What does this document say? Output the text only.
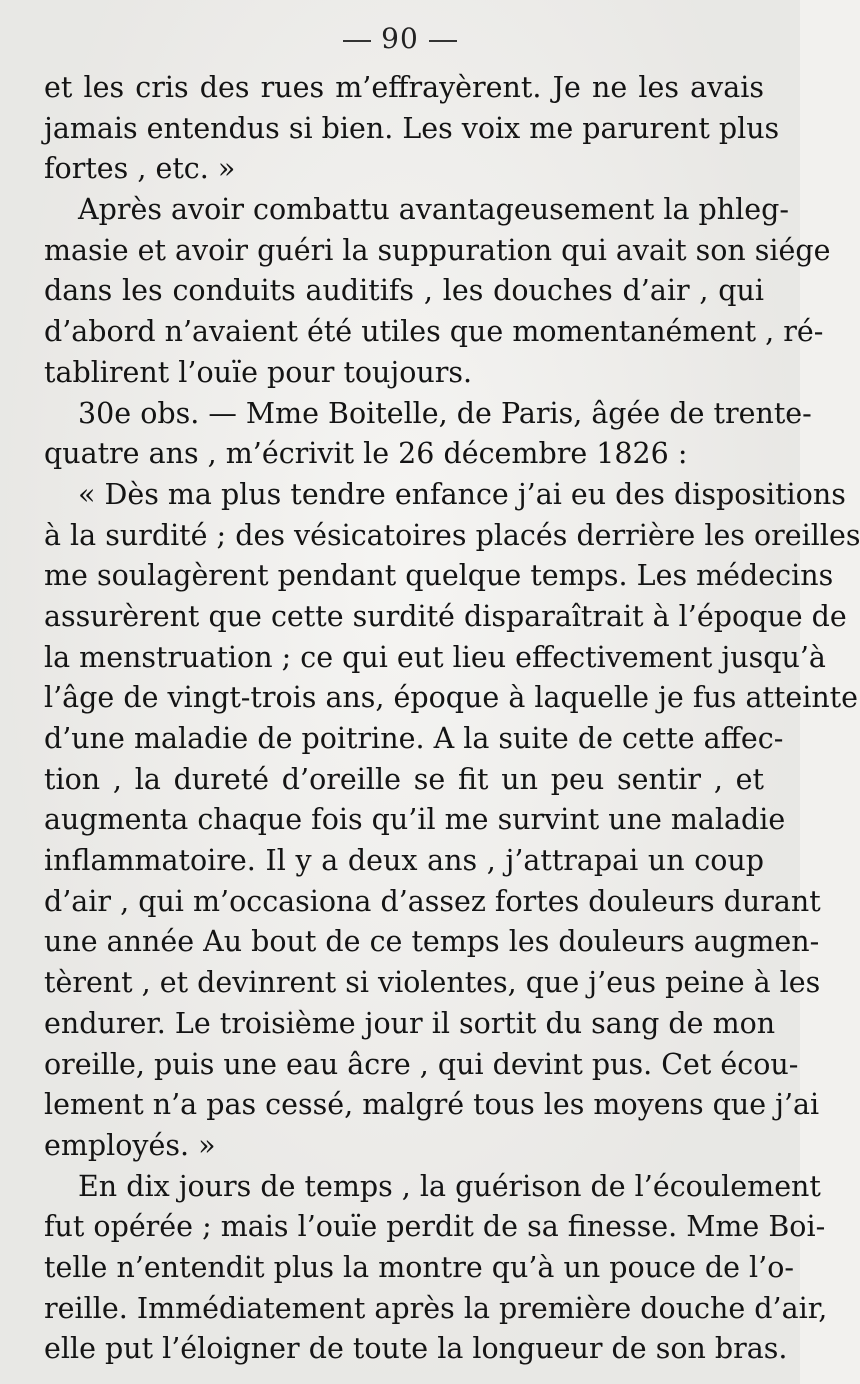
90
et les cris des rues m’effrayèrent. Je ne les avais
jamais entendus si bien. Les voix me parurent plus
fortes , etc. »
Après avoir combattu avantageusement la phleg-
masie et avoir guéri la suppuration qui avait son siége
dans les conduits auditifs , les douches d’air , qui
d’abord n’avaient été utiles que momentanément , ré-
tablirent l’ouïe pour toujours.
30e obs. — Mme Boitelle, de Paris, âgée de trente-
quatre ans , m’écrivit le 26 décembre 1826 :
« Dès ma plus tendre enfance j’ai eu des dispositions
à la surdité ; des vésicatoires placés derrière les oreilles
me soulagèrent pendant quelque temps. Les médecins
assurèrent que cette surdité disparaîtrait à l’époque de
la menstruation ; ce qui eut lieu effectivement jusqu’à
l’âge de vingt-trois ans, époque à laquelle je fus atteinte
d’une maladie de poitrine. A la suite de cette affec-
tion , la dureté d’oreille se fit un peu sentir , et
augmenta chaque fois qu’il me survint une maladie
inflammatoire. Il y a deux ans , j’attrapai un coup
d’air , qui m’occasiona d’assez fortes douleurs durant
une année Au bout de ce temps les douleurs augmen-
tèrent , et devinrent si violentes, que j’eus peine à les
endurer. Le troisième jour il sortit du sang de mon
oreille, puis une eau âcre , qui devint pus. Cet écou-
lement n’a pas cessé, malgré tous les moyens que j’ai
employés. »
En dix jours de temps , la guérison de l’écoulement
fut opérée ; mais l’ouïe perdit de sa finesse. Mme Boi-
telle n’entendit plus la montre qu’à un pouce de l’o-
reille. Immédiatement après la première douche d’air,
elle put l’éloigner de toute la longueur de son bras.
